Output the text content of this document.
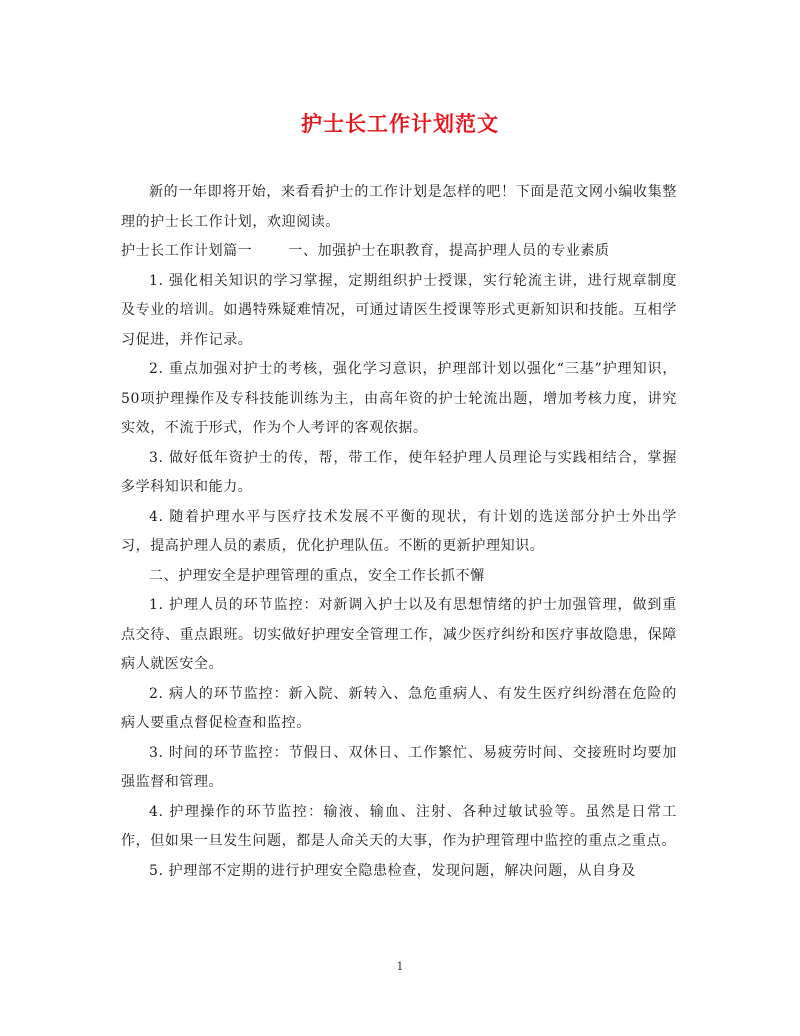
护士长工作计划范文

新的一年即将开始，来看看护士的工作计划是怎样的吧！下面是范文网小编收集整理的护士长工作计划，欢迎阅读。

护士长工作计划篇一	一、加强护士在职教育，提高护理人员的专业素质

1. 强化相关知识的学习掌握，定期组织护士授课，实行轮流主讲，进行规章制度及专业的培训。如遇特殊疑难情况，可通过请医生授课等形式更新知识和技能。互相学习促进，并作记录。

2. 重点加强对护士的考核，强化学习意识，护理部计划以强化“三基”护理知识，50项护理操作及专科技能训练为主，由高年资的护士轮流出题，增加考核力度，讲究实效，不流于形式，作为个人考评的客观依据。

3. 做好低年资护士的传，帮，带工作，使年轻护理人员理论与实践相结合，掌握多学科知识和能力。

4. 随着护理水平与医疗技术发展不平衡的现状，有计划的选送部分护士外出学习，提高护理人员的素质，优化护理队伍。不断的更新护理知识。

二、护理安全是护理管理的重点，安全工作长抓不懈

1. 护理人员的环节监控：对新调入护士以及有思想情绪的护士加强管理，做到重点交待、重点跟班。切实做好护理安全管理工作，减少医疗纠纷和医疗事故隐患，保障病人就医安全。

2. 病人的环节监控：新入院、新转入、急危重病人、有发生医疗纠纷潜在危险的病人要重点督促检查和监控。

3. 时间的环节监控：节假日、双休日、工作繁忙、易疲劳时间、交接班时均要加强监督和管理。

4. 护理操作的环节监控：输液、输血、注射、各种过敏试验等。虽然是日常工作，但如果一旦发生问题，都是人命关天的大事，作为护理管理中监控的重点之重点。

5. 护理部不定期的进行护理安全隐患检查，发现问题，解决问题，从自身及

1
